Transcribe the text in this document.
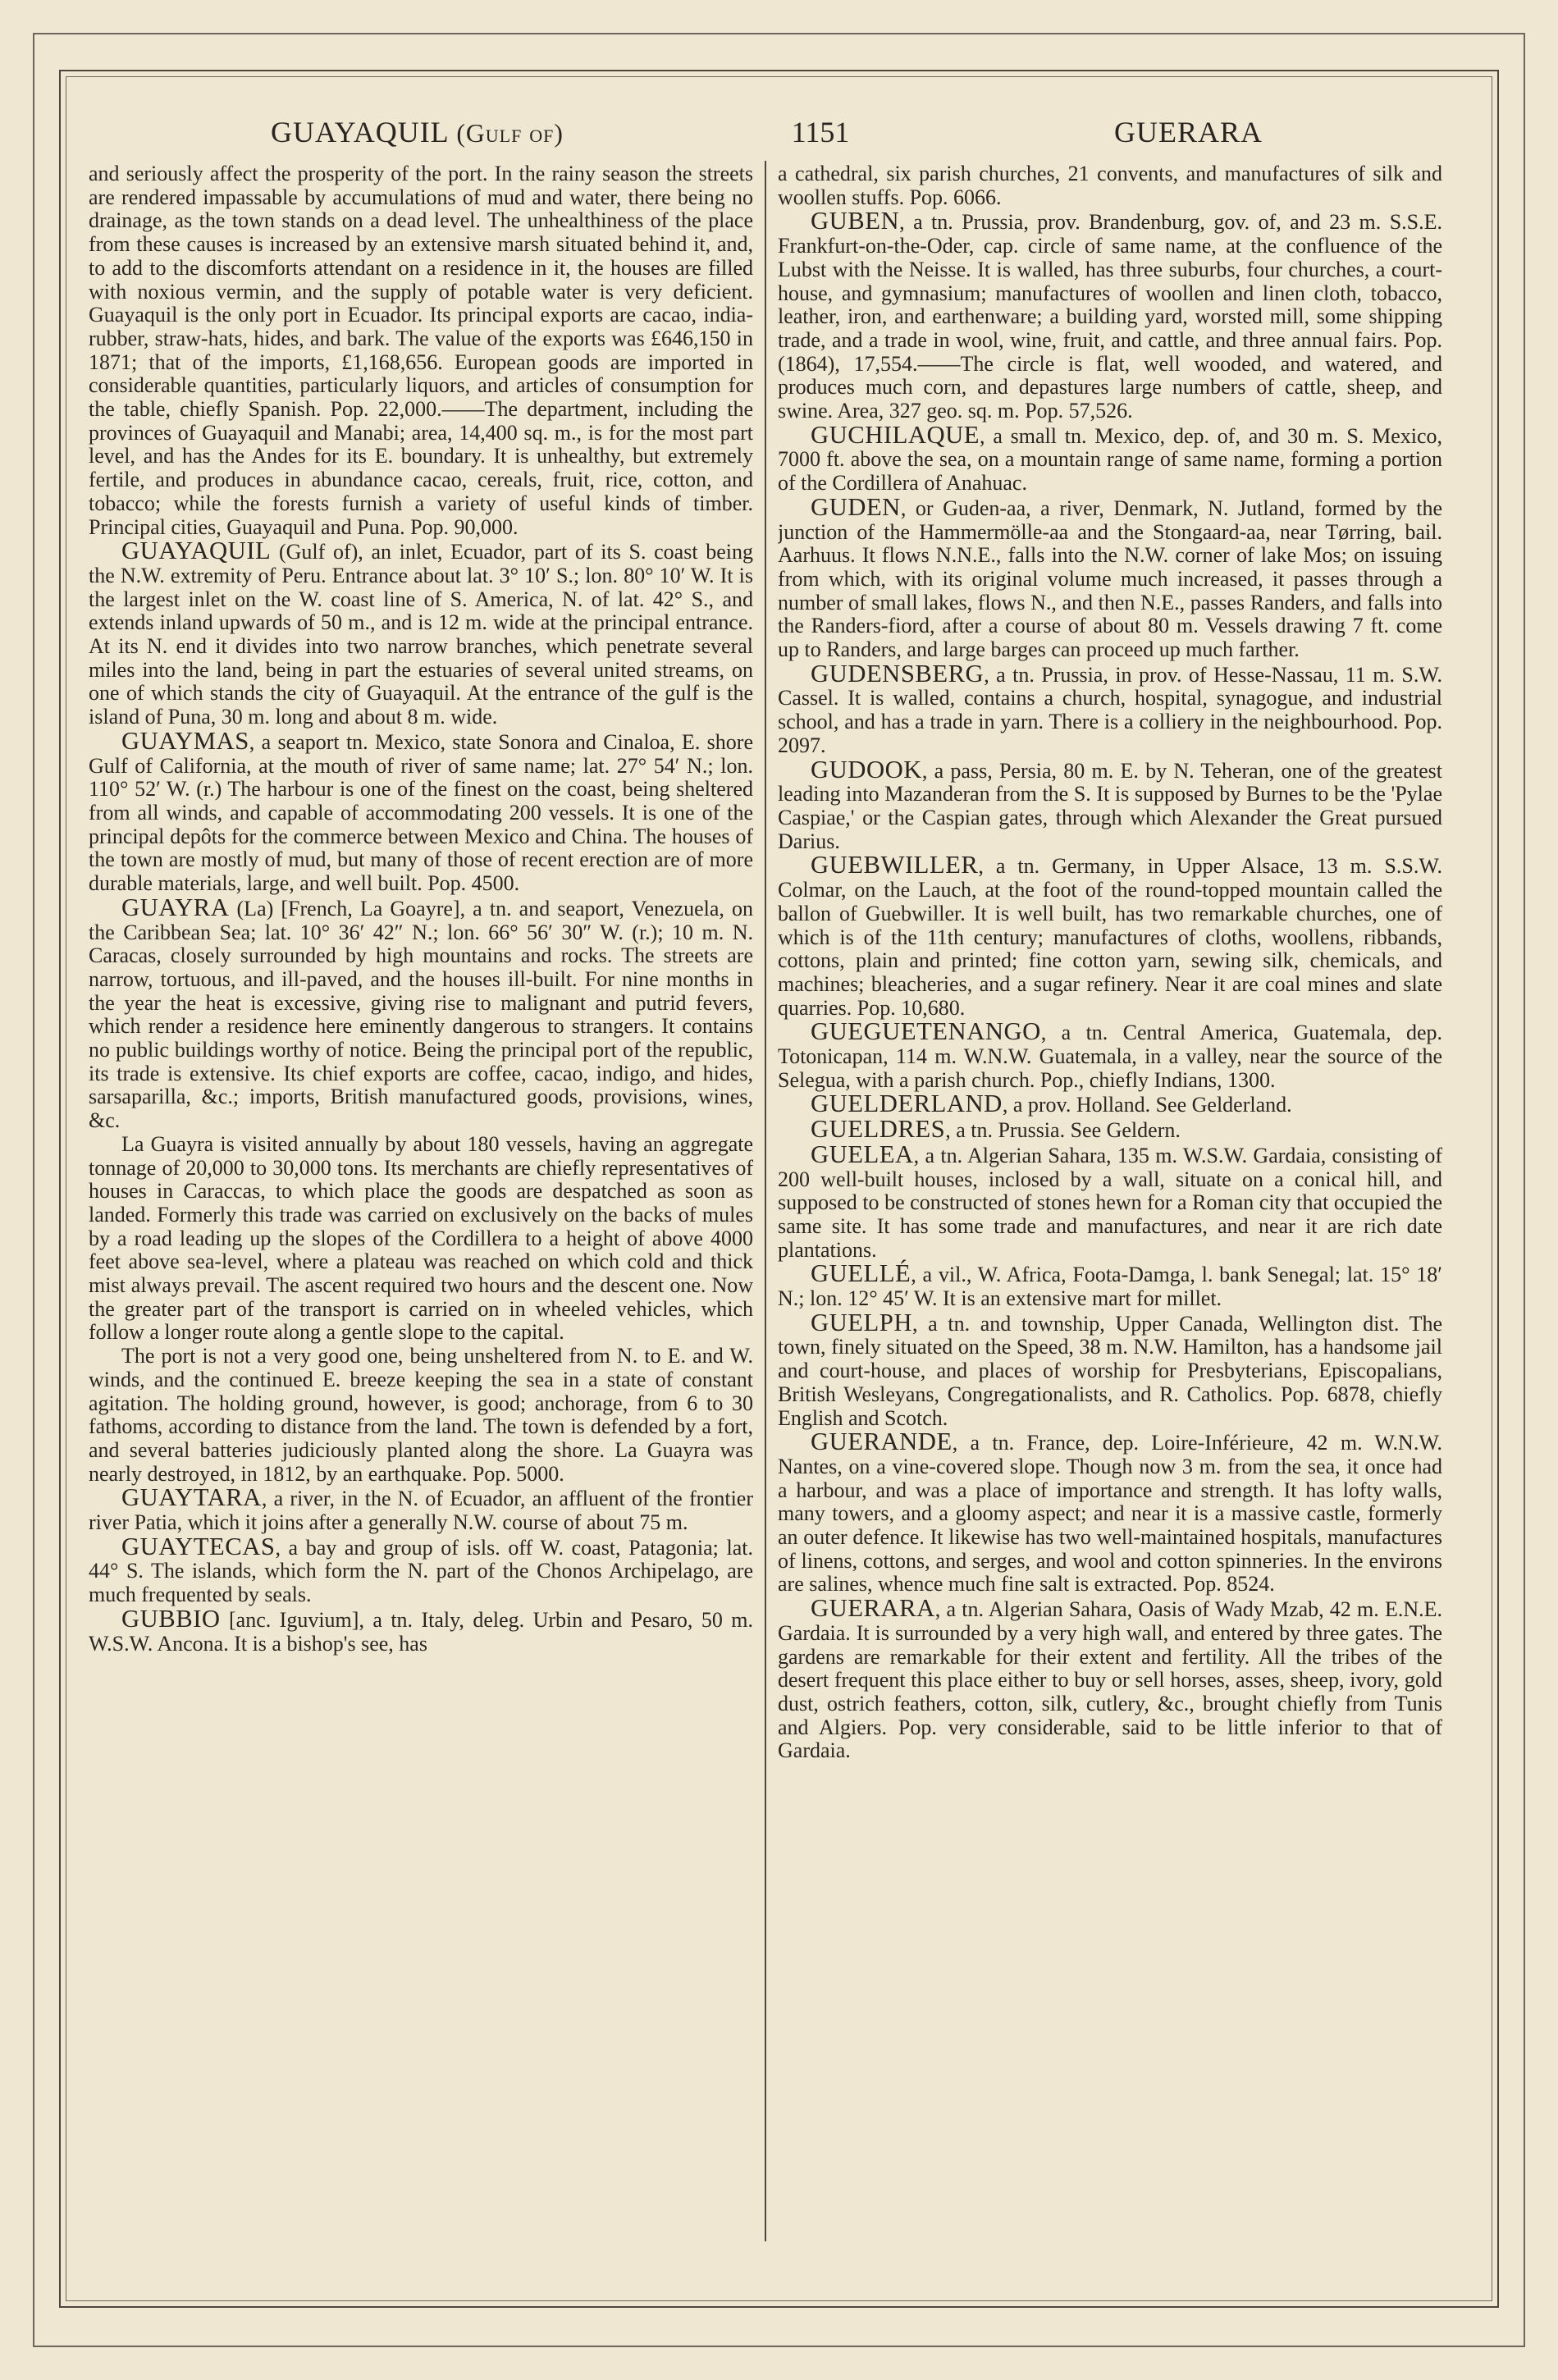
GUAYAQUIL (Gulf of)	1151	GUERARA

and seriously affect the prosperity of the port. In the rainy season the streets are rendered impassable by accumulations of mud and water, there being no drainage, as the town stands on a dead level. The unhealthiness of the place from these causes is increased by an extensive marsh situated behind it, and, to add to the discomforts attendant on a residence in it, the houses are filled with noxious vermin, and the supply of potable water is very deficient. Guayaquil is the only port in Ecuador. Its principal exports are cacao, india-rubber, straw-hats, hides, and bark. The value of the exports was £646,150 in 1871; that of the imports, £1,168,656. European goods are imported in considerable quantities, particularly liquors, and articles of consumption for the table, chiefly Spanish. Pop. 22,000.——The department, including the provinces of Guayaquil and Manabi; area, 14,400 sq. m., is for the most part level, and has the Andes for its E. boundary. It is unhealthy, but extremely fertile, and produces in abundance cacao, cereals, fruit, rice, cotton, and tobacco; while the forests furnish a variety of useful kinds of timber. Principal cities, Guayaquil and Puna. Pop. 90,000.

GUAYAQUIL (Gulf of), an inlet, Ecuador, part of its S. coast being the N.W. extremity of Peru. Entrance about lat. 3° 10′ S.; lon. 80° 10′ W. It is the largest inlet on the W. coast line of S. America, N. of lat. 42° S., and extends inland upwards of 50 m., and is 12 m. wide at the principal entrance. At its N. end it divides into two narrow branches, which penetrate several miles into the land, being in part the estuaries of several united streams, on one of which stands the city of Guayaquil. At the entrance of the gulf is the island of Puna, 30 m. long and about 8 m. wide.

GUAYMAS, a seaport tn. Mexico, state Sonora and Cinaloa, E. shore Gulf of California, at the mouth of river of same name; lat. 27° 54′ N.; lon. 110° 52′ W. (r.) The harbour is one of the finest on the coast, being sheltered from all winds, and capable of accommodating 200 vessels. It is one of the principal depôts for the commerce between Mexico and China. The houses of the town are mostly of mud, but many of those of recent erection are of more durable materials, large, and well built. Pop. 4500.

GUAYRA (La) [French, La Goayre], a tn. and seaport, Venezuela, on the Caribbean Sea; lat. 10° 36′ 42″ N.; lon. 66° 56′ 30″ W. (r.); 10 m. N. Caracas, closely surrounded by high mountains and rocks. The streets are narrow, tortuous, and ill-paved, and the houses ill-built. For nine months in the year the heat is excessive, giving rise to malignant and putrid fevers, which render a residence here eminently dangerous to strangers. It contains no public buildings worthy of notice. Being the principal port of the republic, its trade is extensive. Its chief exports are coffee, cacao, indigo, and hides, sarsaparilla, &c.; imports, British manufactured goods, provisions, wines, &c.

La Guayra is visited annually by about 180 vessels, having an aggregate tonnage of 20,000 to 30,000 tons. Its merchants are chiefly representatives of houses in Caraccas, to which place the goods are despatched as soon as landed. Formerly this trade was carried on exclusively on the backs of mules by a road leading up the slopes of the Cordillera to a height of above 4000 feet above sea-level, where a plateau was reached on which cold and thick mist always prevail. The ascent required two hours and the descent one. Now the greater part of the transport is carried on in wheeled vehicles, which follow a longer route along a gentle slope to the capital.

The port is not a very good one, being unsheltered from N. to E. and W. winds, and the continued E. breeze keeping the sea in a state of constant agitation. The holding ground, however, is good; anchorage, from 6 to 30 fathoms, according to distance from the land. The town is defended by a fort, and several batteries judiciously planted along the shore. La Guayra was nearly destroyed, in 1812, by an earthquake. Pop. 5000.

GUAYTARA, a river, in the N. of Ecuador, an affluent of the frontier river Patia, which it joins after a generally N.W. course of about 75 m.

GUAYTECAS, a bay and group of isls. off W. coast, Patagonia; lat. 44° S. The islands, which form the N. part of the Chonos Archipelago, are much frequented by seals.

GUBBIO [anc. Iguvium], a tn. Italy, deleg. Urbin and Pesaro, 50 m. W.S.W. Ancona. It is a bishop's see, has

a cathedral, six parish churches, 21 convents, and manufactures of silk and woollen stuffs. Pop. 6066.

GUBEN, a tn. Prussia, prov. Brandenburg, gov. of, and 23 m. S.S.E. Frankfurt-on-the-Oder, cap. circle of same name, at the confluence of the Lubst with the Neisse. It is walled, has three suburbs, four churches, a court-house, and gymnasium; manufactures of woollen and linen cloth, tobacco, leather, iron, and earthenware; a building yard, worsted mill, some shipping trade, and a trade in wool, wine, fruit, and cattle, and three annual fairs. Pop. (1864), 17,554.——The circle is flat, well wooded, and watered, and produces much corn, and depastures large numbers of cattle, sheep, and swine. Area, 327 geo. sq. m. Pop. 57,526.

GUCHILAQUE, a small tn. Mexico, dep. of, and 30 m. S. Mexico, 7000 ft. above the sea, on a mountain range of same name, forming a portion of the Cordillera of Anahuac.

GUDEN, or Guden-aa, a river, Denmark, N. Jutland, formed by the junction of the Hammermölle-aa and the Stongaard-aa, near Tørring, bail. Aarhuus. It flows N.N.E., falls into the N.W. corner of lake Mos; on issuing from which, with its original volume much increased, it passes through a number of small lakes, flows N., and then N.E., passes Randers, and falls into the Randers-fiord, after a course of about 80 m. Vessels drawing 7 ft. come up to Randers, and large barges can proceed up much farther.

GUDENSBERG, a tn. Prussia, in prov. of Hesse-Nassau, 11 m. S.W. Cassel. It is walled, contains a church, hospital, synagogue, and industrial school, and has a trade in yarn. There is a colliery in the neighbourhood. Pop. 2097.

GUDOOK, a pass, Persia, 80 m. E. by N. Teheran, one of the greatest leading into Mazanderan from the S. It is supposed by Burnes to be the 'Pylae Caspiae,' or the Caspian gates, through which Alexander the Great pursued Darius.

GUEBWILLER, a tn. Germany, in Upper Alsace, 13 m. S.S.W. Colmar, on the Lauch, at the foot of the round-topped mountain called the ballon of Guebwiller. It is well built, has two remarkable churches, one of which is of the 11th century; manufactures of cloths, woollens, ribbands, cottons, plain and printed; fine cotton yarn, sewing silk, chemicals, and machines; bleacheries, and a sugar refinery. Near it are coal mines and slate quarries. Pop. 10,680.

GUEGUETENANGO, a tn. Central America, Guatemala, dep. Totonicapan, 114 m. W.N.W. Guatemala, in a valley, near the source of the Selegua, with a parish church. Pop., chiefly Indians, 1300.

GUELDERLAND, a prov. Holland. See Gelderland.

GUELDRES, a tn. Prussia. See Geldern.

GUELEA, a tn. Algerian Sahara, 135 m. W.S.W. Gardaia, consisting of 200 well-built houses, inclosed by a wall, situate on a conical hill, and supposed to be constructed of stones hewn for a Roman city that occupied the same site. It has some trade and manufactures, and near it are rich date plantations.

GUELLÉ, a vil., W. Africa, Foota-Damga, l. bank Senegal; lat. 15° 18′ N.; lon. 12° 45′ W. It is an extensive mart for millet.

GUELPH, a tn. and township, Upper Canada, Wellington dist. The town, finely situated on the Speed, 38 m. N.W. Hamilton, has a handsome jail and court-house, and places of worship for Presbyterians, Episcopalians, British Wesleyans, Congregationalists, and R. Catholics. Pop. 6878, chiefly English and Scotch.

GUERANDE, a tn. France, dep. Loire-Inférieure, 42 m. W.N.W. Nantes, on a vine-covered slope. Though now 3 m. from the sea, it once had a harbour, and was a place of importance and strength. It has lofty walls, many towers, and a gloomy aspect; and near it is a massive castle, formerly an outer defence. It likewise has two well-maintained hospitals, manufactures of linens, cottons, and serges, and wool and cotton spinneries. In the environs are salines, whence much fine salt is extracted. Pop. 8524.

GUERARA, a tn. Algerian Sahara, Oasis of Wady Mzab, 42 m. E.N.E. Gardaia. It is surrounded by a very high wall, and entered by three gates. The gardens are remarkable for their extent and fertility. All the tribes of the desert frequent this place either to buy or sell horses, asses, sheep, ivory, gold dust, ostrich feathers, cotton, silk, cutlery, &c., brought chiefly from Tunis and Algiers. Pop. very considerable, said to be little inferior to that of Gardaia.
